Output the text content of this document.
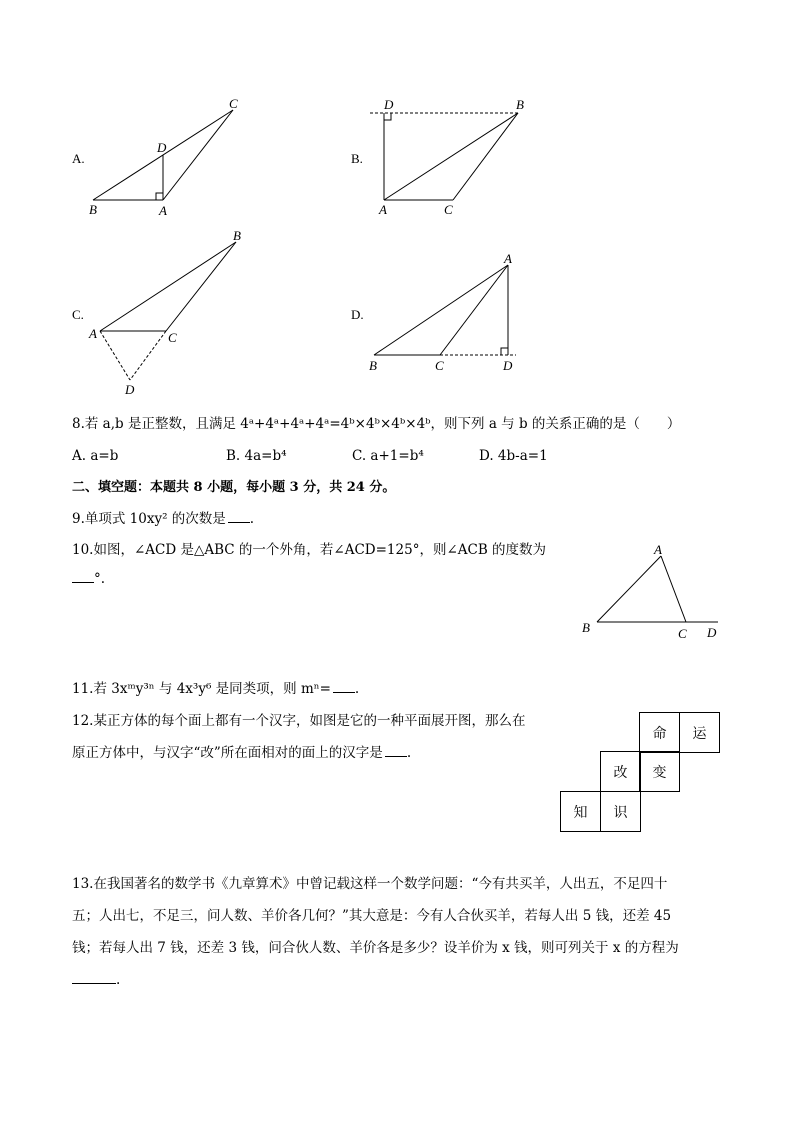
A.
B	A
D
C
B.
D	B
A	C
C.
B
A	C
D
D.
A
B	C	D
8.若 a,b 是正整数，且满足 4ᵃ+4ᵃ+4ᵃ+4ᵃ=4ᵇ×4ᵇ×4ᵇ×4ᵇ，则下列 a 与 b 的关系正确的是（　　）
A. a=b	B. 4a=b⁴	C. a+1=b⁴	D. 4b-a=1
二、填空题：本题共 8 小题，每小题 3 分，共 24 分。
9.单项式 10xy² 的次数是 .
10.如图，∠ACD 是△ABC 的一个外角，若∠ACD=125°，则∠ACB 的度数为
°.
A
B	C D
11.若 3xᵐy³ⁿ 与 4x³y⁶ 是同类项，则 mⁿ= .
12.某正方体的每个面上都有一个汉字，如图是它的一种平面展开图，那么在
原正方体中，与汉字“改”所在面相对的面上的汉字是 .
命	运
改	变
知	识
13.在我国著名的数学书《九章算术》中曾记载这样一个数学问题：“今有共买羊，人出五，不足四十
五；人出七，不足三，问人数、羊价各几何？”其大意是：今有人合伙买羊，若每人出 5 钱，还差 45
钱；若每人出 7 钱，还差 3 钱，问合伙人数、羊价各是多少？设羊价为 x 钱，则可列关于 x 的方程为
.
